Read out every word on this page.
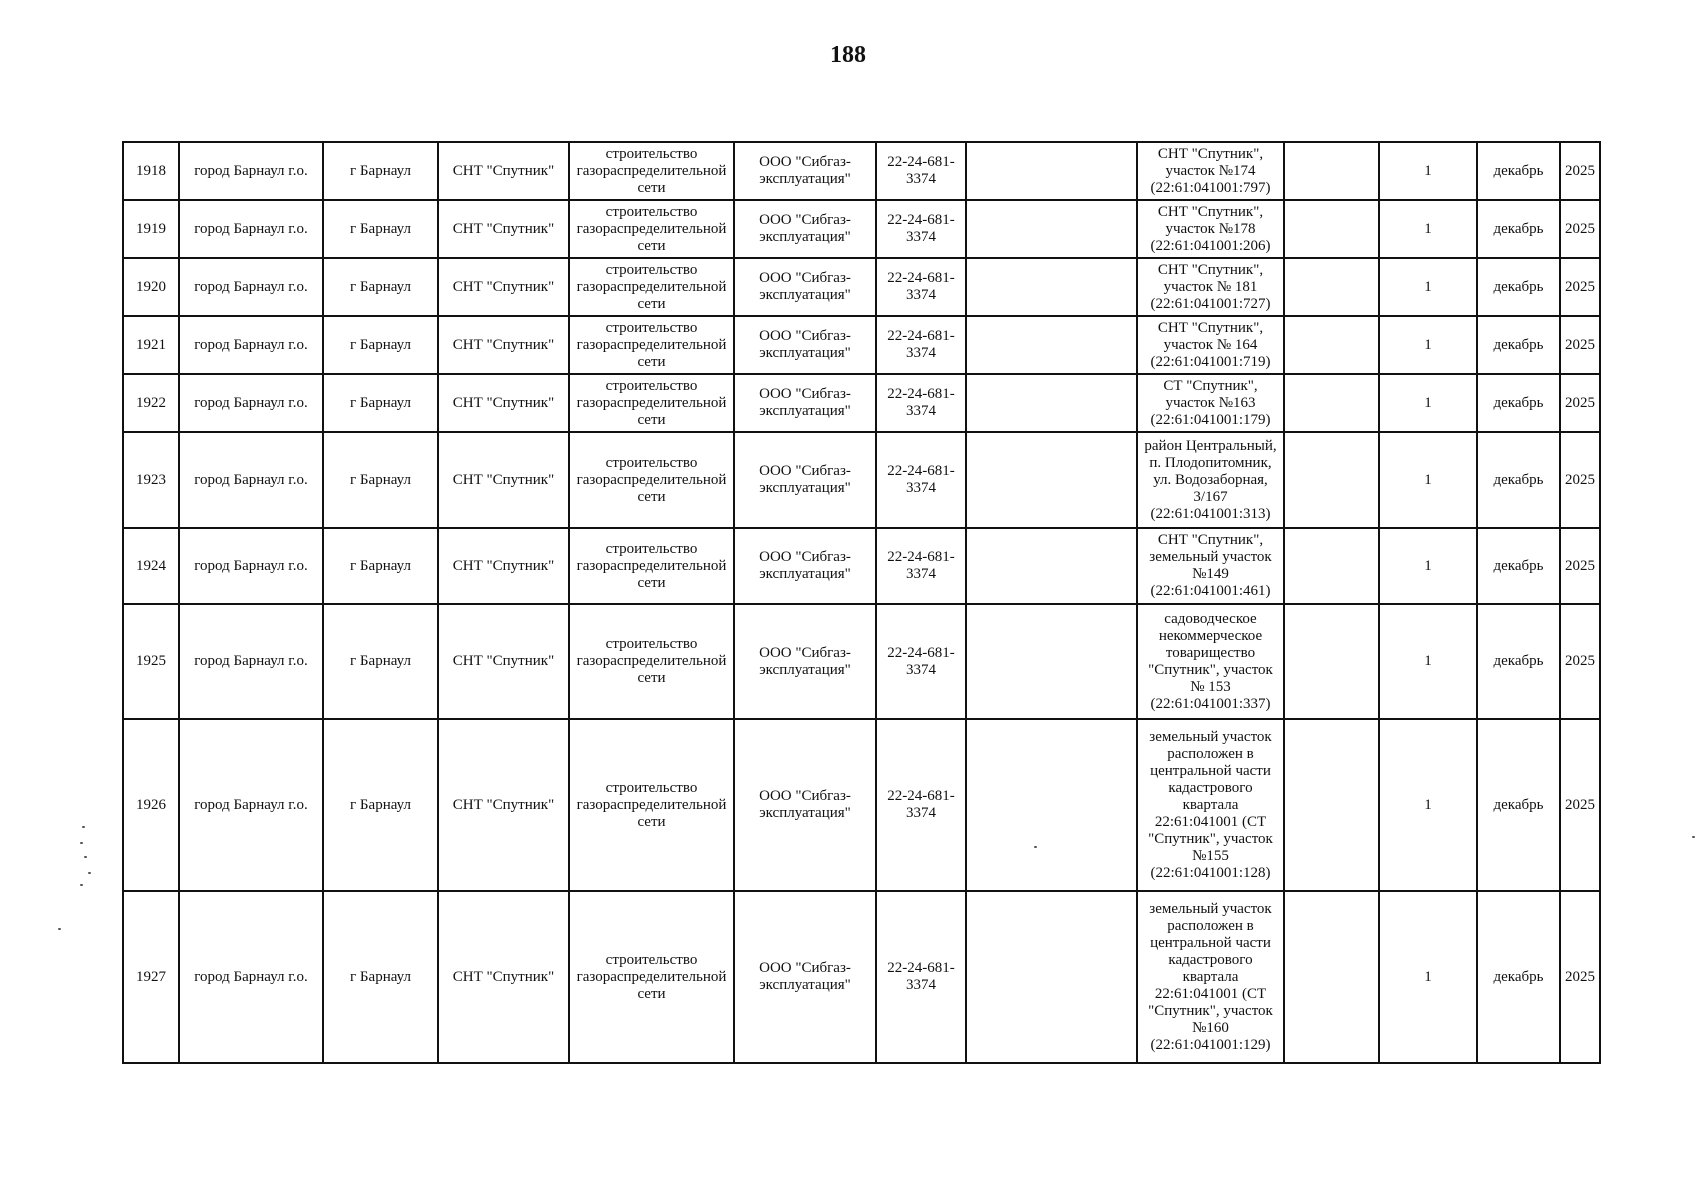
188
1918	город Барнаул г.о.	г Барнаул	СНТ "Спутник"	строительство газораспределительной сети	ООО "Сибгаз-эксплуатация"	22-24-681-3374		СНТ "Спутник", участок №174 (22:61:041001:797)		1	декабрь	2025
1919	город Барнаул г.о.	г Барнаул	СНТ "Спутник"	строительство газораспределительной сети	ООО "Сибгаз-эксплуатация"	22-24-681-3374		СНТ "Спутник", участок №178 (22:61:041001:206)		1	декабрь	2025
1920	город Барнаул г.о.	г Барнаул	СНТ "Спутник"	строительство газораспределительной сети	ООО "Сибгаз-эксплуатация"	22-24-681-3374		СНТ "Спутник", участок № 181 (22:61:041001:727)		1	декабрь	2025
1921	город Барнаул г.о.	г Барнаул	СНТ "Спутник"	строительство газораспределительной сети	ООО "Сибгаз-эксплуатация"	22-24-681-3374		СНТ "Спутник", участок № 164 (22:61:041001:719)		1	декабрь	2025
1922	город Барнаул г.о.	г Барнаул	СНТ "Спутник"	строительство газораспределительной сети	ООО "Сибгаз-эксплуатация"	22-24-681-3374		СТ "Спутник", участок №163 (22:61:041001:179)		1	декабрь	2025
1923	город Барнаул г.о.	г Барнаул	СНТ "Спутник"	строительство газораспределительной сети	ООО "Сибгаз-эксплуатация"	22-24-681-3374		район Центральный, п. Плодопитомник, ул. Водозаборная, 3/167 (22:61:041001:313)		1	декабрь	2025
1924	город Барнаул г.о.	г Барнаул	СНТ "Спутник"	строительство газораспределительной сети	ООО "Сибгаз-эксплуатация"	22-24-681-3374		СНТ "Спутник", земельный участок №149 (22:61:041001:461)		1	декабрь	2025
1925	город Барнаул г.о.	г Барнаул	СНТ "Спутник"	строительство газораспределительной сети	ООО "Сибгаз-эксплуатация"	22-24-681-3374		садоводческое некоммерческое товарищество "Спутник", участок № 153 (22:61:041001:337)		1	декабрь	2025
1926	город Барнаул г.о.	г Барнаул	СНТ "Спутник"	строительство газораспределительной сети	ООО "Сибгаз-эксплуатация"	22-24-681-3374		земельный участок расположен в центральной части кадастрового квартала 22:61:041001 (СТ "Спутник", участок №155 (22:61:041001:128)		1	декабрь	2025
1927	город Барнаул г.о.	г Барнаул	СНТ "Спутник"	строительство газораспределительной сети	ООО "Сибгаз-эксплуатация"	22-24-681-3374		земельный участок расположен в центральной части кадастрового квартала 22:61:041001 (СТ "Спутник", участок №160 (22:61:041001:129)		1	декабрь	2025
